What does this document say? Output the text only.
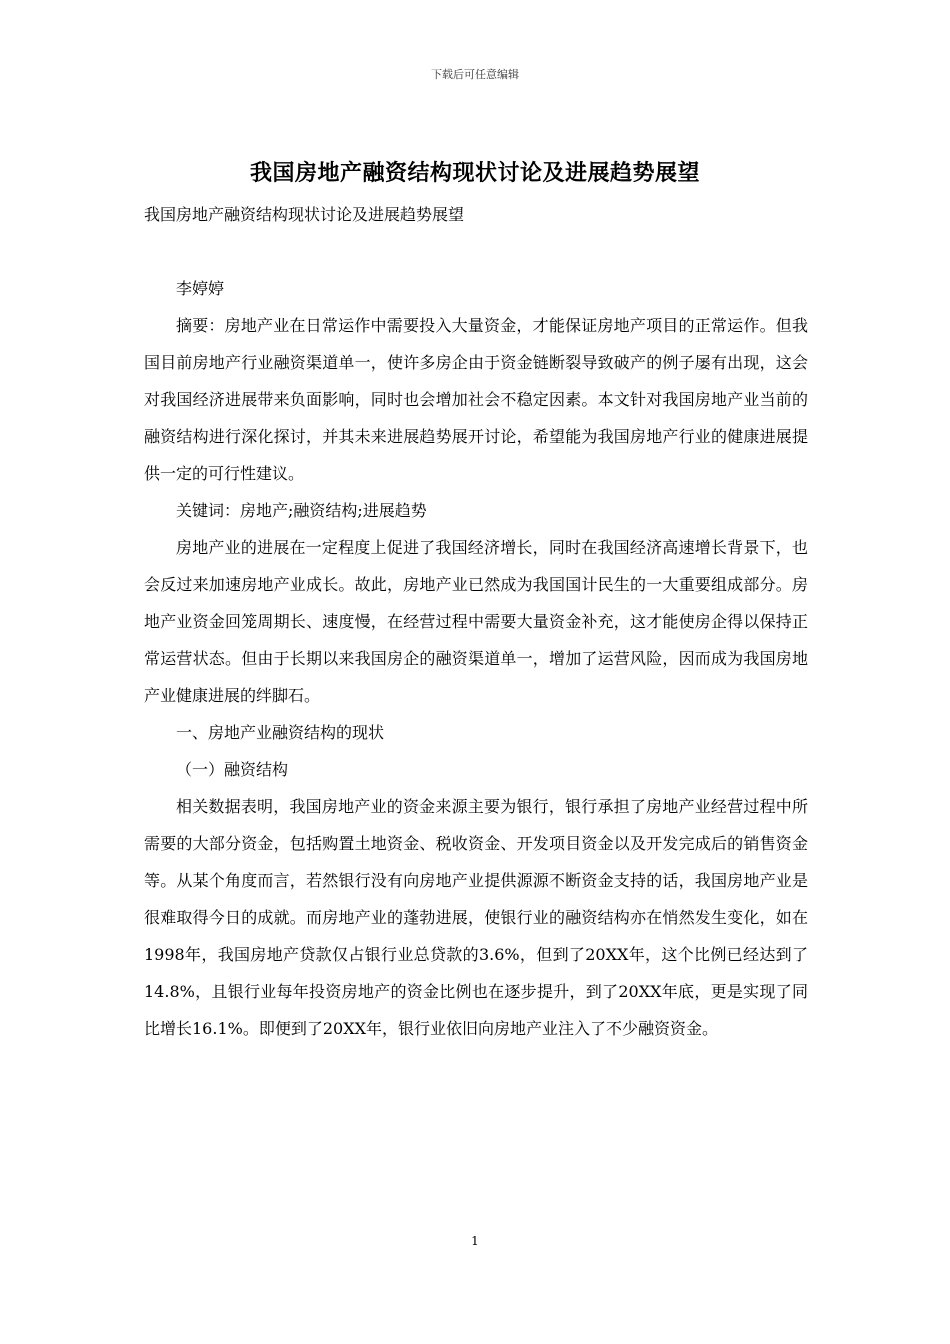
下载后可任意编辑
我国房地产融资结构现状讨论及进展趋势展望

我国房地产融资结构现状讨论及进展趋势展望

李婷婷

摘要：房地产业在日常运作中需要投入大量资金，才能保证房地产项目的正常运作。但我国目前房地产行业融资渠道单一，使许多房企由于资金链断裂导致破产的例子屡有出现，这会对我国经济进展带来负面影响，同时也会增加社会不稳定因素。本文针对我国房地产业当前的融资结构进行深化探讨，并其未来进展趋势展开讨论，希望能为我国房地产行业的健康进展提供一定的可行性建议。

关键词：房地产;融资结构;进展趋势

房地产业的进展在一定程度上促进了我国经济增长，同时在我国经济高速增长背景下，也会反过来加速房地产业成长。故此，房地产业已然成为我国国计民生的一大重要组成部分。房地产业资金回笼周期长、速度慢，在经营过程中需要大量资金补充，这才能使房企得以保持正常运营状态。但由于长期以来我国房企的融资渠道单一，增加了运营风险，因而成为我国房地产业健康进展的绊脚石。

一、房地产业融资结构的现状

（一）融资结构

相关数据表明，我国房地产业的资金来源主要为银行，银行承担了房地产业经营过程中所需要的大部分资金，包括购置土地资金、税收资金、开发项目资金以及开发完成后的销售资金等。从某个角度而言，若然银行没有向房地产业提供源源不断资金支持的话，我国房地产业是很难取得今日的成就。而房地产业的蓬勃进展，使银行业的融资结构亦在悄然发生变化，如在1998年，我国房地产贷款仅占银行业总贷款的3.6%，但到了20XX年，这个比例已经达到了14.8%，且银行业每年投资房地产的资金比例也在逐步提升，到了20XX年底，更是实现了同比增长16.1%。即便到了20XX年，银行业依旧向房地产业注入了不少融资资金。

1
